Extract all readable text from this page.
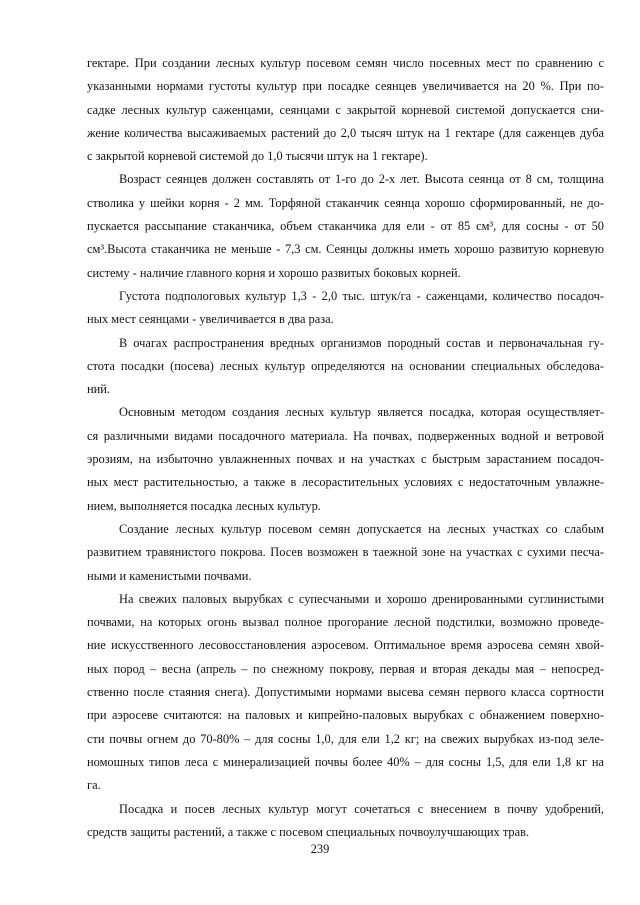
гектаре. При создании лесных культур посевом семян число посевных мест по сравнению с
указанными нормами густоты культур при посадке сеянцев увеличивается на 20 %. При по-
садке лесных культур саженцами, сеянцами с закрытой корневой системой допускается сни-
жение количества высаживаемых растений до 2,0 тысяч штук на 1 гектаре (для саженцев дуба
с закрытой корневой системой до 1,0 тысячи штук на 1 гектаре).
Возраст сеянцев должен составлять от 1-го до 2-х лет. Высота сеянца от 8 см, толщина
стволика у шейки корня - 2 мм. Торфяной стаканчик сеянца хорошо сформированный, не до-
пускается рассыпание стаканчика, объем стаканчика для ели - от 85 см³, для сосны - от 50
см³.Высота стаканчика не меньше - 7,3 см. Сеянцы должны иметь хорошо развитую корневую
систему - наличие главного корня и хорошо развитых боковых корней.
Густота подпологовых культур 1,3 - 2,0 тыс. штук/га - саженцами, количество посадоч-
ных мест сеянцами - увеличивается в два раза.
В очагах распространения вредных организмов породный состав и первоначальная гу-
стота посадки (посева) лесных культур определяются на основании специальных обследова-
ний.
Основным методом создания лесных культур является посадка, которая осуществляет-
ся различными видами посадочного материала. На почвах, подверженных водной и ветровой
эрозиям, на избыточно увлажненных почвах и на участках с быстрым зарастанием посадоч-
ных мест растительностью, а также в лесорастительных условиях с недостаточным увлажне-
нием, выполняется посадка лесных культур.
Создание лесных культур посевом семян допускается на лесных участках со слабым
развитием травянистого покрова. Посев возможен в таежной зоне на участках с сухими песча-
ными и каменистыми почвами.
На свежих паловых вырубках с супесчаными и хорошо дренированными суглинистыми
почвами, на которых огонь вызвал полное прогорание лесной подстилки, возможно проведе-
ние искусственного лесовосстановления аэросевом. Оптимальное время аэросева семян хвой-
ных пород – весна (апрель – по снежному покрову, первая и вторая декады мая – непосред-
ственно после стаяния снега). Допустимыми нормами высева семян первого класса сортности
при аэросеве считаются: на паловых и кипрейно-паловых вырубках с обнажением поверхно-
сти почвы огнем до 70-80% – для сосны 1,0, для ели 1,2 кг; на свежих вырубках из-под зеле-
номошных типов леса с минерализацией почвы более 40% – для сосны 1,5, для ели 1,8 кг на
га.
Посадка и посев лесных культур могут сочетаться с внесением в почву удобрений,
средств защиты растений, а также с посевом специальных почвоулучшающих трав.
239
